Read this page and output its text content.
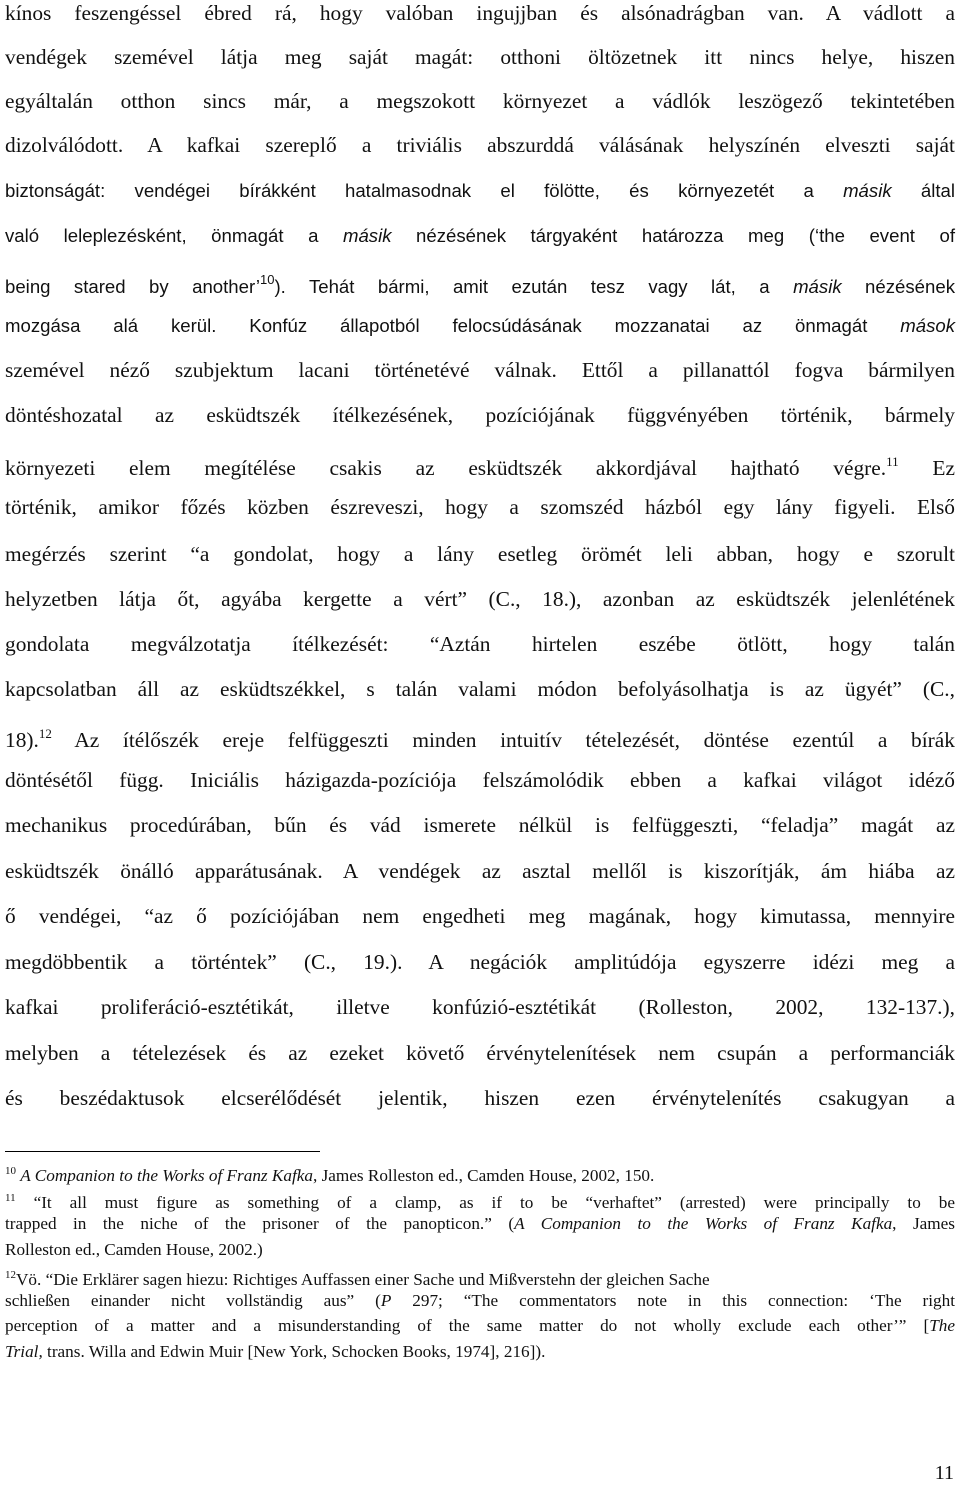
kínos feszengéssel ébred rá, hogy valóban ingujjban és alsónadrágban van. A vádlott a
vendégek szemével látja meg saját magát: otthoni öltözetnek itt nincs helye, hiszen
egyáltalán otthon sincs már, a megszokott környezet a vádlók leszögező tekintetében
dizolválódott. A kafkai szereplő a triviális abszurddá válásának helyszínén elveszti saját
biztonságát: vendégei bírákként hatalmasodnak el fölötte, és környezetét a másik által
való leleplezésként, önmagát a másik nézésének tárgyaként határozza meg (‘the event of
being stared by another’$^{10}$). Tehát bármi, amit ezután tesz vagy lát, a másik nézésének
mozgása alá kerül. Konfúz állapotból felocsúdásának mozzanatai az önmagát mások
szemével néző szubjektum lacani történetévé válnak. Ettől a pillanattól fogva bármilyen
döntéshozatal az esküdtszék ítélkezésének, pozíciójának függvényében történik, bármely
környezeti elem megítélése csakis az esküdtszék akkordjával hajtható végre.$^{11}$ Ez
történik, amikor főzés közben észreveszi, hogy a szomszéd házból egy lány figyeli. Első
megérzés szerint “a gondolat, hogy a lány esetleg örömét leli abban, hogy e szorult
helyzetben látja őt, agyába kergette a vért” (C., 18.), azonban az esküdtszék jelenlétének
gondolata megválzotatja ítélkezését: “Aztán hirtelen eszébe ötlött, hogy talán
kapcsolatban áll az esküdtszékkel, s talán valami módon befolyásolhatja is az ügyét” (C.,
18).$^{12}$ Az ítélőszék ereje felfüggeszti minden intuitív tételezését, döntése ezentúl a bírák
döntésétől függ. Iniciális házigazda-pozíciója felszámolódik ebben a kafkai világot idéző
mechanikus procedúrában, bűn és vád ismerete nélkül is felfüggeszti, “feladja” magát az
esküdtszék önálló apparátusának. A vendégek az asztal mellől is kiszorítják, ám hiába az
ő vendégei, “az ő pozíciójában nem engedheti meg magának, hogy kimutassa, mennyire
megdöbbentik a történtek” (C., 19.). A negációk amplitúdója egyszerre idézi meg a
kafkai proliferáció-esztétikát, illetve konfúzió-esztétikát (Rolleston, 2002, 132-137.),
melyben a tételezések és az ezeket követő érvénytelenítések nem csupán a performanciák
és beszédaktusok elcserélődését jelentik, hiszen ezen érvénytelenítés csakugyan a
$^{10}$ A Companion to the Works of Franz Kafka, James Rolleston ed., Camden House, 2002, 150.
$^{11}$ “It all must figure as something of a clamp, as if to be “verhaftet” (arrested) were principally to be
trapped in the niche of the prisoner of the panopticon.” (A Companion to the Works of Franz Kafka, James
Rolleston ed., Camden House, 2002.)
$^{12}$Vö. “Die Erklärer sagen hiezu: Richtiges Auffassen einer Sache und Mißverstehn der gleichen Sache
schließen einander nicht vollständig aus” (P 297; “The commentators note in this connection: ‘The right
perception of a matter and a misunderstanding of the same matter do not wholly exclude each other’” [The
Trial, trans. Willa and Edwin Muir [New York, Schocken Books, 1974], 216]).
11
